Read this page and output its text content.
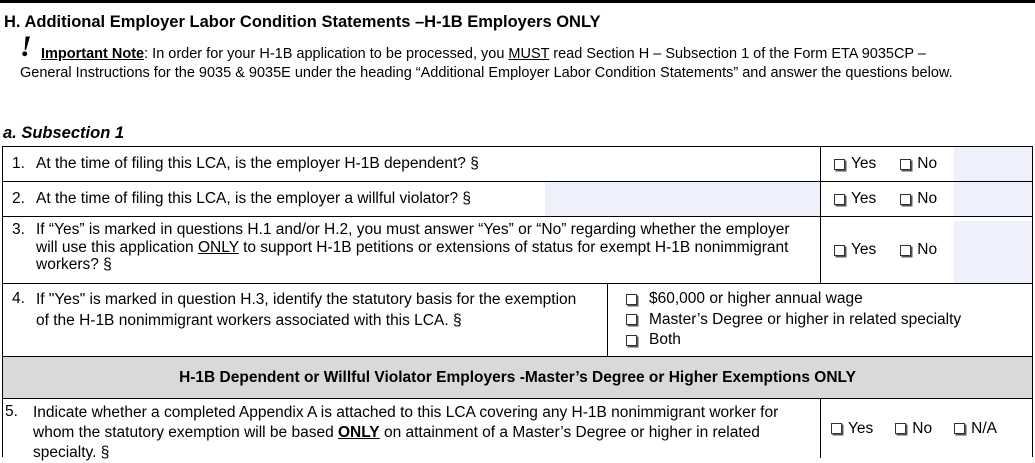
H. Additional Employer Labor Condition Statements –H-1B Employers ONLY
! Important Note: In order for your H-1B application to be processed, you MUST read Section H – Subsection 1 of the Form ETA 9035CP –
General Instructions for the 9035 & 9035E under the heading “Additional Employer Labor Condition Statements” and answer the questions below.
a. Subsection 1
1. At the time of filing this LCA, is the employer H-1B dependent? §	Yes	No
2. At the time of filing this LCA, is the employer a willful violator? §	Yes	No
3. If “Yes” is marked in questions H.1 and/or H.2, you must answer “Yes” or “No” regarding whether the employer will use this application ONLY to support H-1B petitions or extensions of status for exempt H-1B nonimmigrant workers? §
Yes	No
4. If "Yes" is marked in question H.3, identify the statutory basis for the exemption of the H-1B nonimmigrant workers associated with this LCA. §
$60,000 or higher annual wage
Master’s Degree or higher in related specialty
Both
H-1B Dependent or Willful Violator Employers -Master’s Degree or Higher Exemptions ONLY
5. Indicate whether a completed Appendix A is attached to this LCA covering any H-1B nonimmigrant worker for whom the statutory exemption will be based ONLY on attainment of a Master’s Degree or higher in related specialty. §
Yes	No	N/A
